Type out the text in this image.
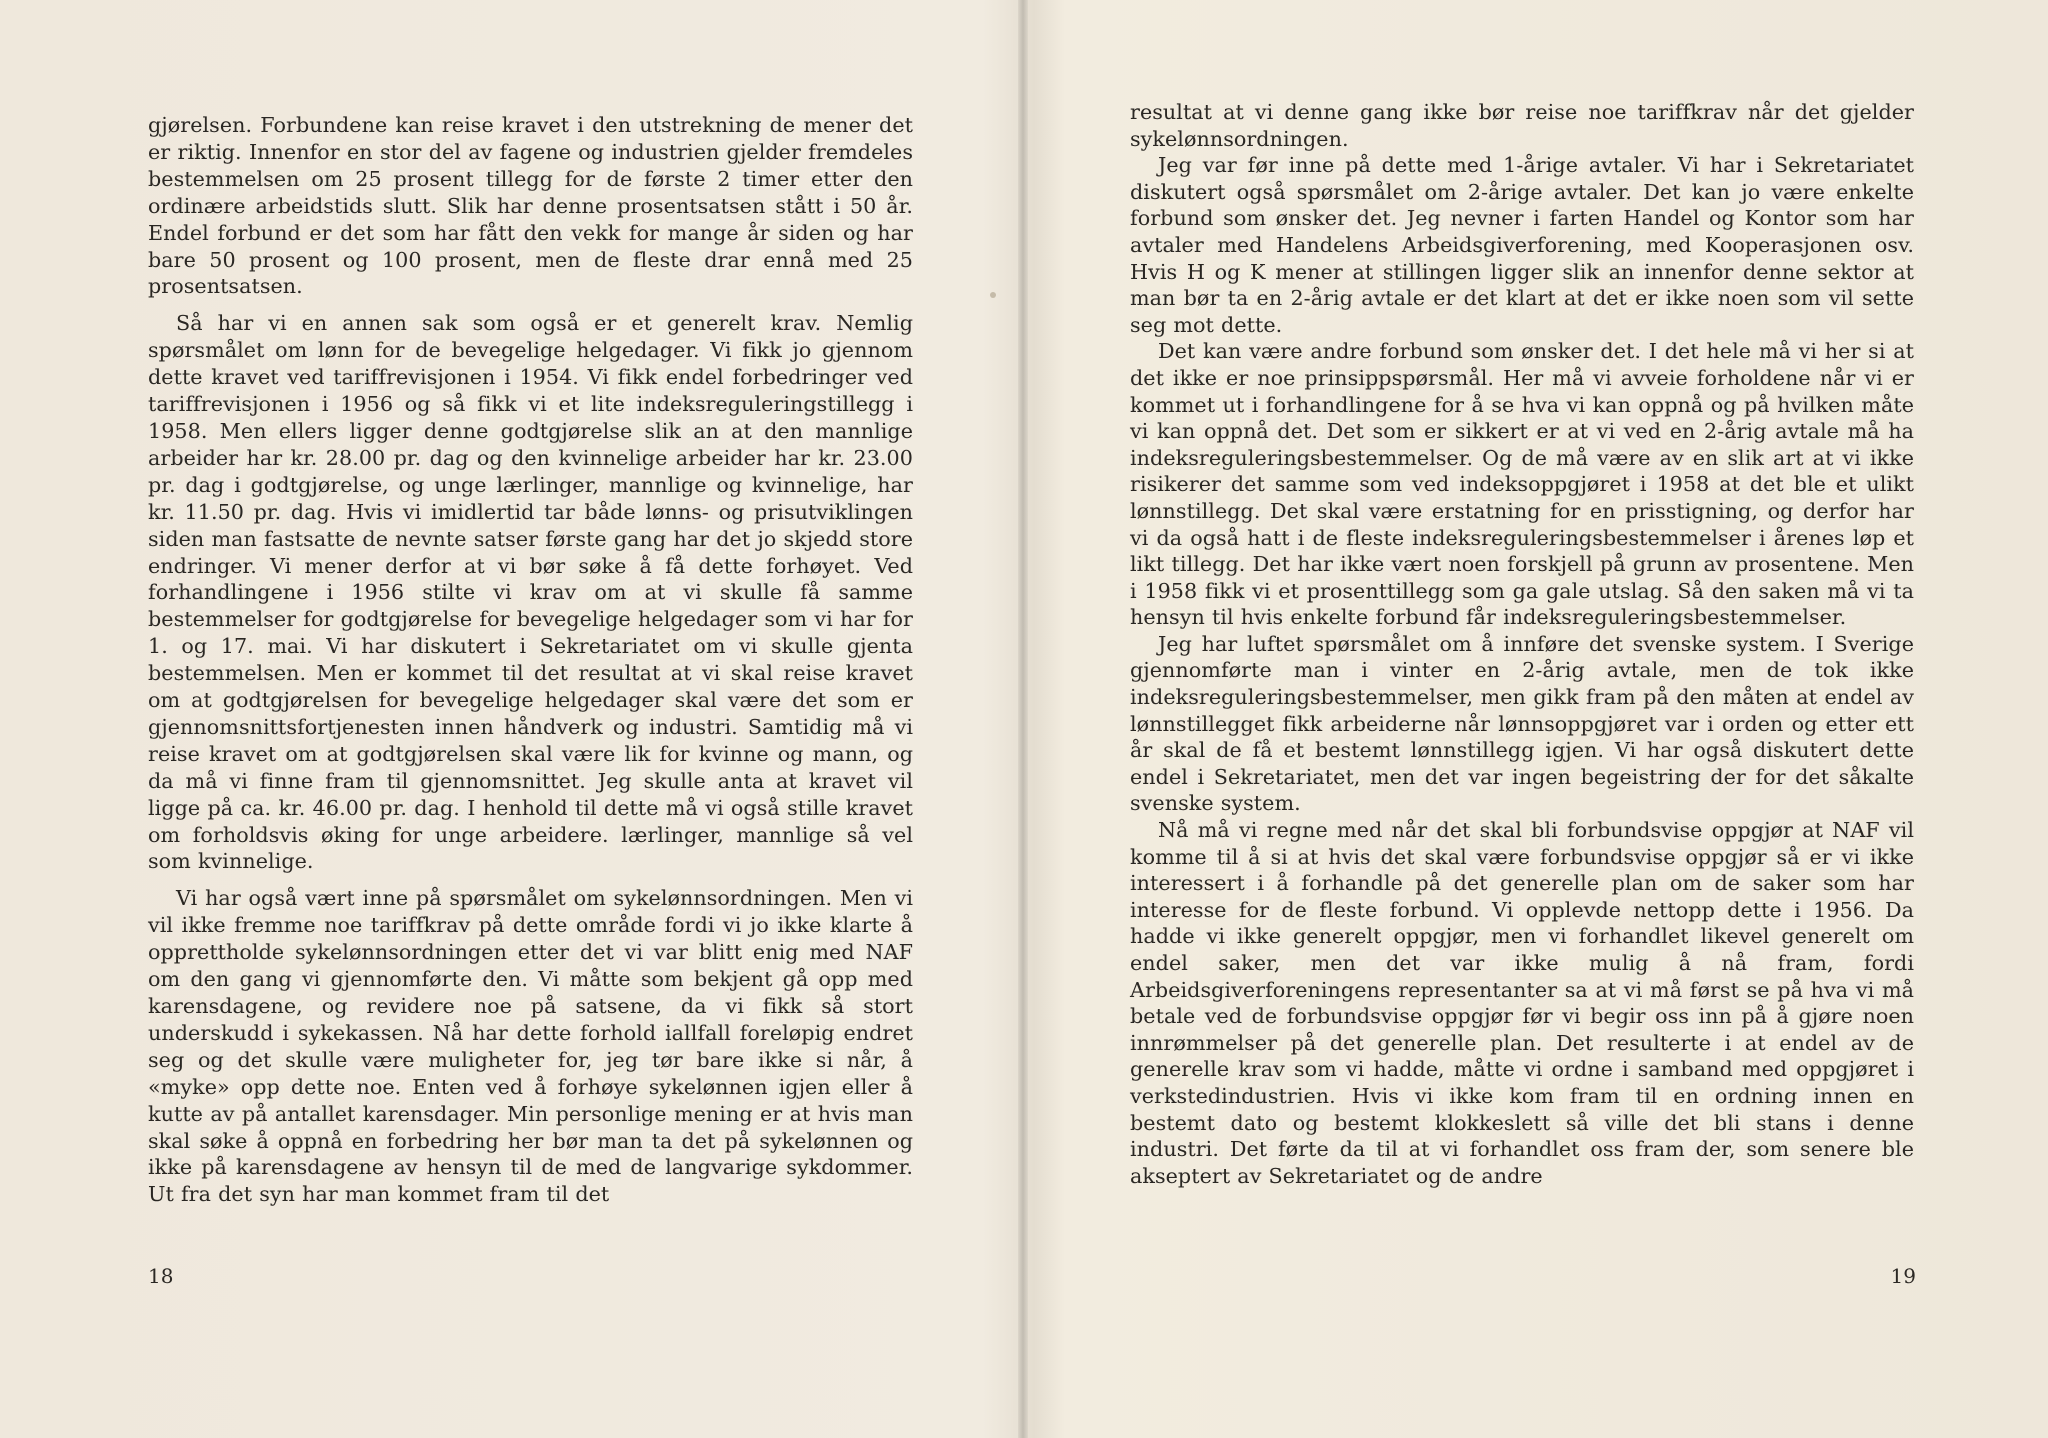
gjørelsen. Forbundene kan reise kravet i den utstrekning de mener det er riktig. Innenfor en stor del av fagene og industrien gjelder fremdeles bestemmelsen om 25 prosent tillegg for de første 2 timer etter den ordinære arbeidstids slutt. Slik har denne prosentsatsen stått i 50 år. Endel forbund er det som har fått den vekk for mange år siden og har bare 50 prosent og 100 prosent, men de fleste drar ennå med 25 prosentsatsen.

Så har vi en annen sak som også er et generelt krav. Nemlig spørsmålet om lønn for de bevegelige helgedager. Vi fikk jo gjennom dette kravet ved tariffrevisjonen i 1954. Vi fikk endel forbedringer ved tariffrevisjonen i 1956 og så fikk vi et lite indeksreguleringstillegg i 1958. Men ellers ligger denne godtgjørelse slik an at den mannlige arbeider har kr. 28.00 pr. dag og den kvinnelige arbeider har kr. 23.00 pr. dag i godtgjørelse, og unge lærlinger, mannlige og kvinnelige, har kr. 11.50 pr. dag. Hvis vi imidlertid tar både lønns- og prisutviklingen siden man fastsatte de nevnte satser første gang har det jo skjedd store endringer. Vi mener derfor at vi bør søke å få dette forhøyet. Ved forhandlingene i 1956 stilte vi krav om at vi skulle få samme bestemmelser for godtgjørelse for bevegelige helgedager som vi har for 1. og 17. mai. Vi har diskutert i Sekretariatet om vi skulle gjenta bestemmelsen. Men er kommet til det resultat at vi skal reise kravet om at godtgjørelsen for bevegelige helgedager skal være det som er gjennomsnittsfortjenesten innen håndverk og industri. Samtidig må vi reise kravet om at godtgjørelsen skal være lik for kvinne og mann, og da må vi finne fram til gjennomsnittet. Jeg skulle anta at kravet vil ligge på ca. kr. 46.00 pr. dag. I henhold til dette må vi også stille kravet om forholdsvis øking for unge arbeidere. lærlinger, mannlige så vel som kvinnelige.

Vi har også vært inne på spørsmålet om sykelønnsordningen. Men vi vil ikke fremme noe tariffkrav på dette område fordi vi jo ikke klarte å opprettholde sykelønnsordningen etter det vi var blitt enig med NAF om den gang vi gjennomførte den. Vi måtte som bekjent gå opp med karensdagene, og revidere noe på satsene, da vi fikk så stort underskudd i sykekassen. Nå har dette forhold iallfall foreløpig endret seg og det skulle være muligheter for, jeg tør bare ikke si når, å «myke» opp dette noe. Enten ved å forhøye sykelønnen igjen eller å kutte av på antallet karensdager. Min personlige mening er at hvis man skal søke å oppnå en forbedring her bør man ta det på sykelønnen og ikke på karensdagene av hensyn til de med de langvarige sykdommer. Ut fra det syn har man kommet fram til det

18

resultat at vi denne gang ikke bør reise noe tariffkrav når det gjelder sykelønnsordningen.

Jeg var før inne på dette med 1-årige avtaler. Vi har i Sekretariatet diskutert også spørsmålet om 2-årige avtaler. Det kan jo være enkelte forbund som ønsker det. Jeg nevner i farten Handel og Kontor som har avtaler med Handelens Arbeidsgiverforening, med Kooperasjonen osv. Hvis H og K mener at stillingen ligger slik an innenfor denne sektor at man bør ta en 2-årig avtale er det klart at det er ikke noen som vil sette seg mot dette.

Det kan være andre forbund som ønsker det. I det hele må vi her si at det ikke er noe prinsippspørsmål. Her må vi avveie forholdene når vi er kommet ut i forhandlingene for å se hva vi kan oppnå og på hvilken måte vi kan oppnå det. Det som er sikkert er at vi ved en 2-årig avtale må ha indeksreguleringsbestemmelser. Og de må være av en slik art at vi ikke risikerer det samme som ved indeksoppgjøret i 1958 at det ble et ulikt lønnstillegg. Det skal være erstatning for en prisstigning, og derfor har vi da også hatt i de fleste indeksreguleringsbestemmelser i årenes løp et likt tillegg. Det har ikke vært noen forskjell på grunn av prosentene. Men i 1958 fikk vi et prosenttillegg som ga gale utslag. Så den saken må vi ta hensyn til hvis enkelte forbund får indeksreguleringsbestemmelser.

Jeg har luftet spørsmålet om å innføre det svenske system. I Sverige gjennomførte man i vinter en 2-årig avtale, men de tok ikke indeksreguleringsbestemmelser, men gikk fram på den måten at endel av lønnstillegget fikk arbeiderne når lønnsoppgjøret var i orden og etter ett år skal de få et bestemt lønnstillegg igjen. Vi har også diskutert dette endel i Sekretariatet, men det var ingen begeistring der for det såkalte svenske system.

Nå må vi regne med når det skal bli forbundsvise oppgjør at NAF vil komme til å si at hvis det skal være forbundsvise oppgjør så er vi ikke interessert i å forhandle på det generelle plan om de saker som har interesse for de fleste forbund. Vi opplevde nettopp dette i 1956. Da hadde vi ikke generelt oppgjør, men vi forhandlet likevel generelt om endel saker, men det var ikke mulig å nå fram, fordi Arbeidsgiverforeningens representanter sa at vi må først se på hva vi må betale ved de forbundsvise oppgjør før vi begir oss inn på å gjøre noen innrømmelser på det generelle plan. Det resulterte i at endel av de generelle krav som vi hadde, måtte vi ordne i samband med oppgjøret i verkstedindustrien. Hvis vi ikke kom fram til en ordning innen en bestemt dato og bestemt klokkeslett så ville det bli stans i denne industri. Det førte da til at vi forhandlet oss fram der, som senere ble akseptert av Sekretariatet og de andre

19
